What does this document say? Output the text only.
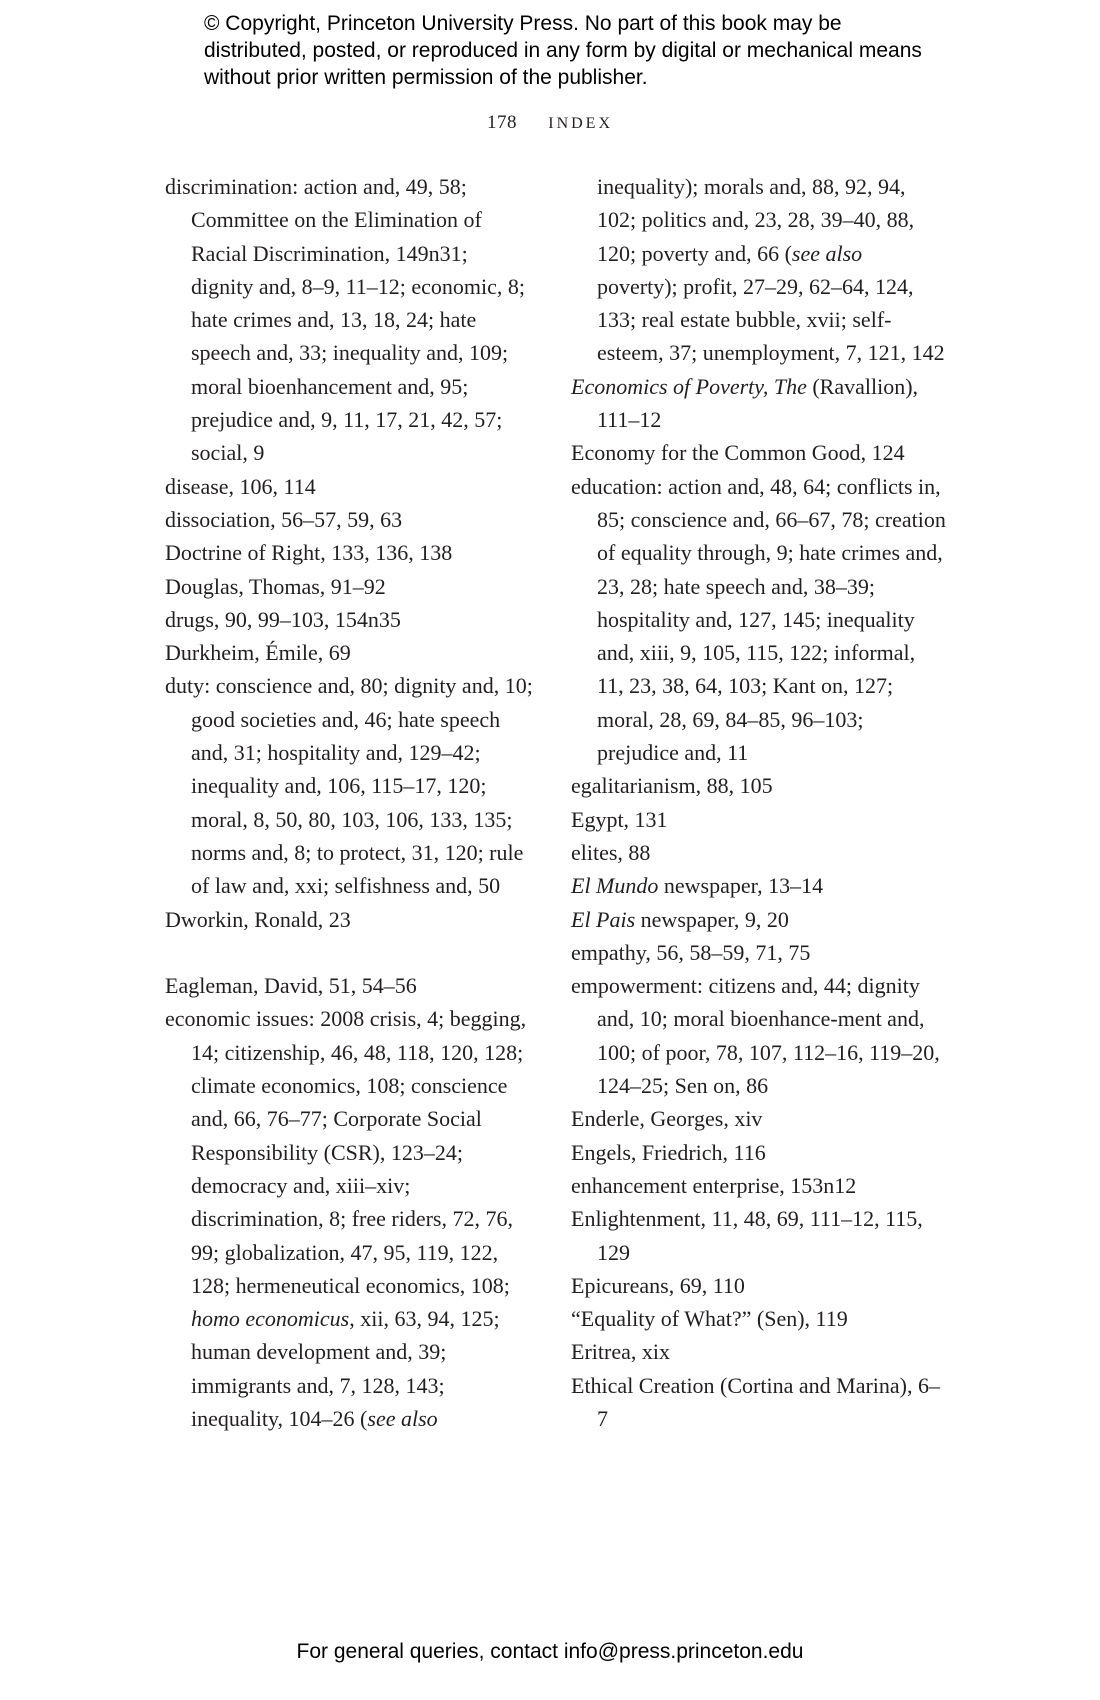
© Copyright, Princeton University Press. No part of this book may be distributed, posted, or reproduced in any form by digital or mechanical means without prior written permission of the publisher.
178 INDEX

discrimination: action and, 49, 58; Committee on the Elimination of Racial Discrimination, 149n31; dignity and, 8–9, 11–12; economic, 8; hate crimes and, 13, 18, 24; hate speech and, 33; inequality and, 109; moral bioenhancement and, 95; prejudice and, 9, 11, 17, 21, 42, 57; social, 9

disease, 106, 114

dissociation, 56–57, 59, 63

Doctrine of Right, 133, 136, 138

Douglas, Thomas, 91–92

drugs, 90, 99–103, 154n35

Durkheim, Émile, 69

duty: conscience and, 80; dignity and, 10; good societies and, 46; hate speech and, 31; hospitality and, 129–42; inequality and, 106, 115–17, 120; moral, 8, 50, 80, 103, 106, 133, 135; norms and, 8; to protect, 31, 120; rule of law and, xxi; selfishness and, 50

Dworkin, Ronald, 23

Eagleman, David, 51, 54–56

economic issues: 2008 crisis, 4; begging, 14; citizenship, 46, 48, 118, 120, 128; climate economics, 108; conscience and, 66, 76–77; Corporate Social Responsibility (CSR), 123–24; democracy and, xiii–xiv; discrimination, 8; free riders, 72, 76, 99; globalization, 47, 95, 119, 122, 128; hermeneutical economics, 108; homo economicus, xii, 63, 94, 125; human development and, 39; immigrants and, 7, 128, 143; inequality, 104–26 (see also

inequality); morals and, 88, 92, 94, 102; politics and, 23, 28, 39–40, 88, 120; poverty and, 66 (see also poverty); profit, 27–29, 62–64, 124, 133; real estate bubble, xvii; self-esteem, 37; unemployment, 7, 121, 142

Economics of Poverty, The (Ravallion), 111–12

Economy for the Common Good, 124

education: action and, 48, 64; conflicts in, 85; conscience and, 66–67, 78; creation of equality through, 9; hate crimes and, 23, 28; hate speech and, 38–39; hospitality and, 127, 145; inequality and, xiii, 9, 105, 115, 122; informal, 11, 23, 38, 64, 103; Kant on, 127; moral, 28, 69, 84–85, 96–103; prejudice and, 11

egalitarianism, 88, 105

Egypt, 131

elites, 88

El Mundo newspaper, 13–14

El Pais newspaper, 9, 20

empathy, 56, 58–59, 71, 75

empowerment: citizens and, 44; dignity and, 10; moral bioenhance-ment and, 100; of poor, 78, 107, 112–16, 119–20, 124–25; Sen on, 86

Enderle, Georges, xiv

Engels, Friedrich, 116

enhancement enterprise, 153n12

Enlightenment, 11, 48, 69, 111–12, 115, 129

Epicureans, 69, 110

“Equality of What?” (Sen), 119

Eritrea, xix

Ethical Creation (Cortina and Marina), 6–7

For general queries, contact info@press.princeton.edu
